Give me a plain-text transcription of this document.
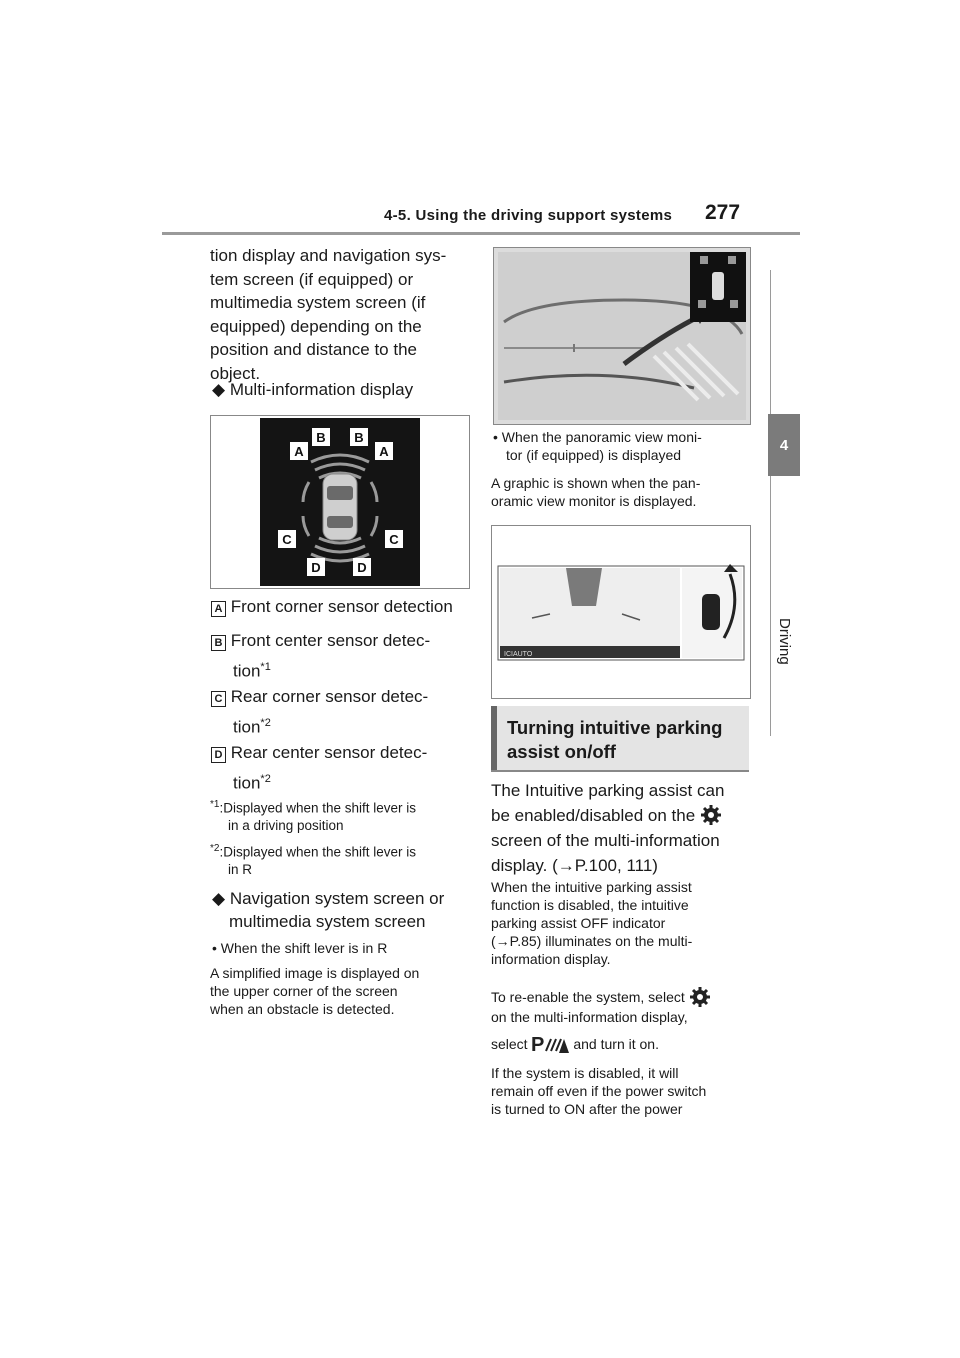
4-5. Using the driving support systems 277
4
Driving
tion display and navigation sys-
tem screen (if equipped) or
multimedia system screen (if
equipped) depending on the
position and distance to the
object.
◆ Multi-information display
A
B B
A
C	C
D	D
A Front corner sensor detection
B Front center sensor detec-
tion$^{*1}$
C Rear corner sensor detec-
tion$^{*2}$
D Rear center sensor detec-
tion$^{*2}$
$^{*1}$:Displayed when the shift lever is
in a driving position
$^{*2}$:Displayed when the shift lever is
in R
◆ Navigation system screen or
multimedia system screen
• When the shift lever is in R
A simplified image is displayed on
the upper corner of the screen
when an obstacle is detected.
• When the panoramic view moni-
tor (if equipped) is displayed
A graphic is shown when the pan-
oramic view monitor is displayed.
ICIAUTO
Turning intuitive parking
assist on/off
The Intuitive parking assist can
be enabled/disabled on the
screen of the multi-information
display. (→P.100, 111)
When the intuitive parking assist
function is disabled, the intuitive
parking assist OFF indicator
(→P.85) illuminates on the multi-
information display.
To re-enable the system, select
on the multi-information display,
select P and turn it on.
If the system is disabled, it will
remain off even if the power switch
is turned to ON after the power
